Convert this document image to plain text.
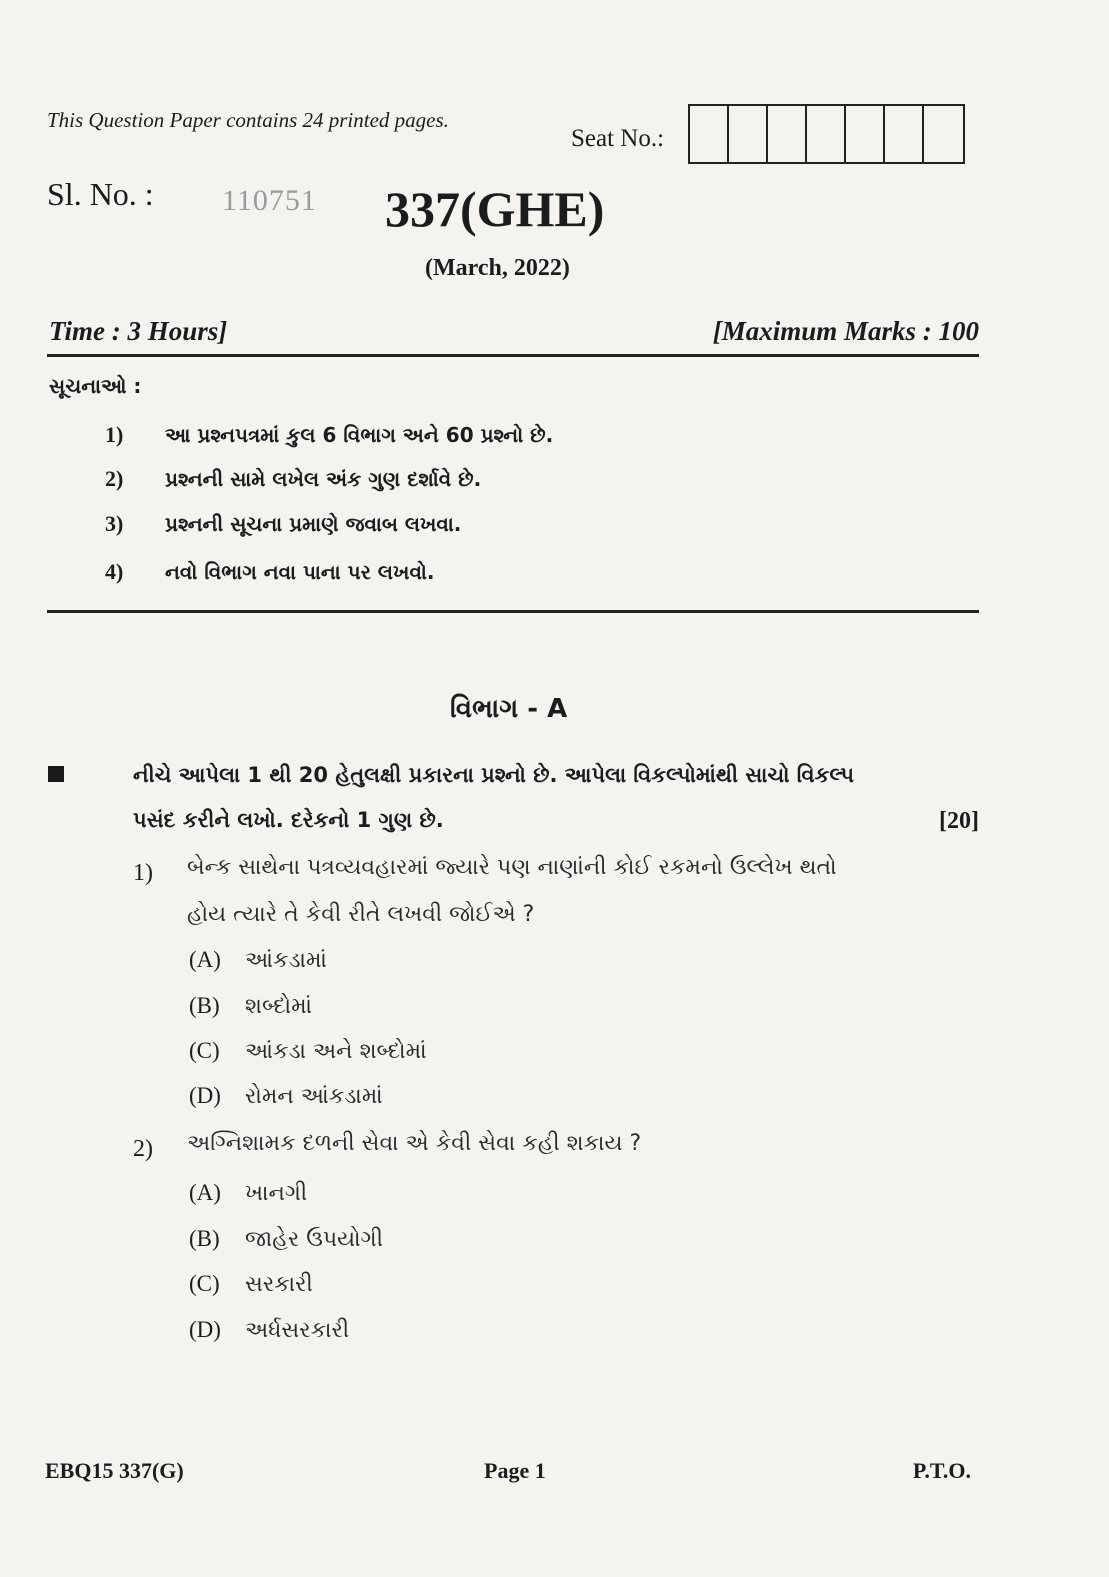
This Question Paper contains 24 printed pages.
Seat No.:
Sl. No. : 110751 337(GHE)
(March, 2022)
Time : 3 Hours]	[Maximum Marks : 100
સૂચનાઓ :
1) આ પ્રશ્નપત્રમાં કુલ 6 વિભાગ અને 60 પ્રશ્નો છે.
2) પ્રશ્નની સામે લખેલ અંક ગુણ દર્શાવે છે.
3) પ્રશ્નની સૂચના પ્રમાણે જવાબ લખવા.
4) નવો વિભાગ નવા પાના પર લખવો.
વિભાગ - A
નીચે આપેલા 1 થી 20 હેતુલક્ષી પ્રકારના પ્રશ્નો છે. આપેલા વિકલ્પોમાંથી સાચો વિકલ્પ
પસંદ કરીને લખો. દરેકનો 1 ગુણ છે.	[20]
1) બેન્ક સાથેના પત્રવ્યવહારમાં જ્યારે પણ નાણાંની કોઈ રકમનો ઉલ્લેખ થતો
હોય ત્યારે તે કેવી રીતે લખવી જોઈએ ?
(A) આંકડામાં
(B) શબ્દોમાં
(C) આંકડા અને શબ્દોમાં
(D) રોમન આંકડામાં
2) અગ્નિશામક દળની સેવા એ કેવી સેવા કહી શકાય ?
(A) ખાનગી
(B) જાહેર ઉપયોગી
(C) સરકારી
(D) અર્ધસરકારી
EBQ15 337(G)	Page 1	P.T.O.
